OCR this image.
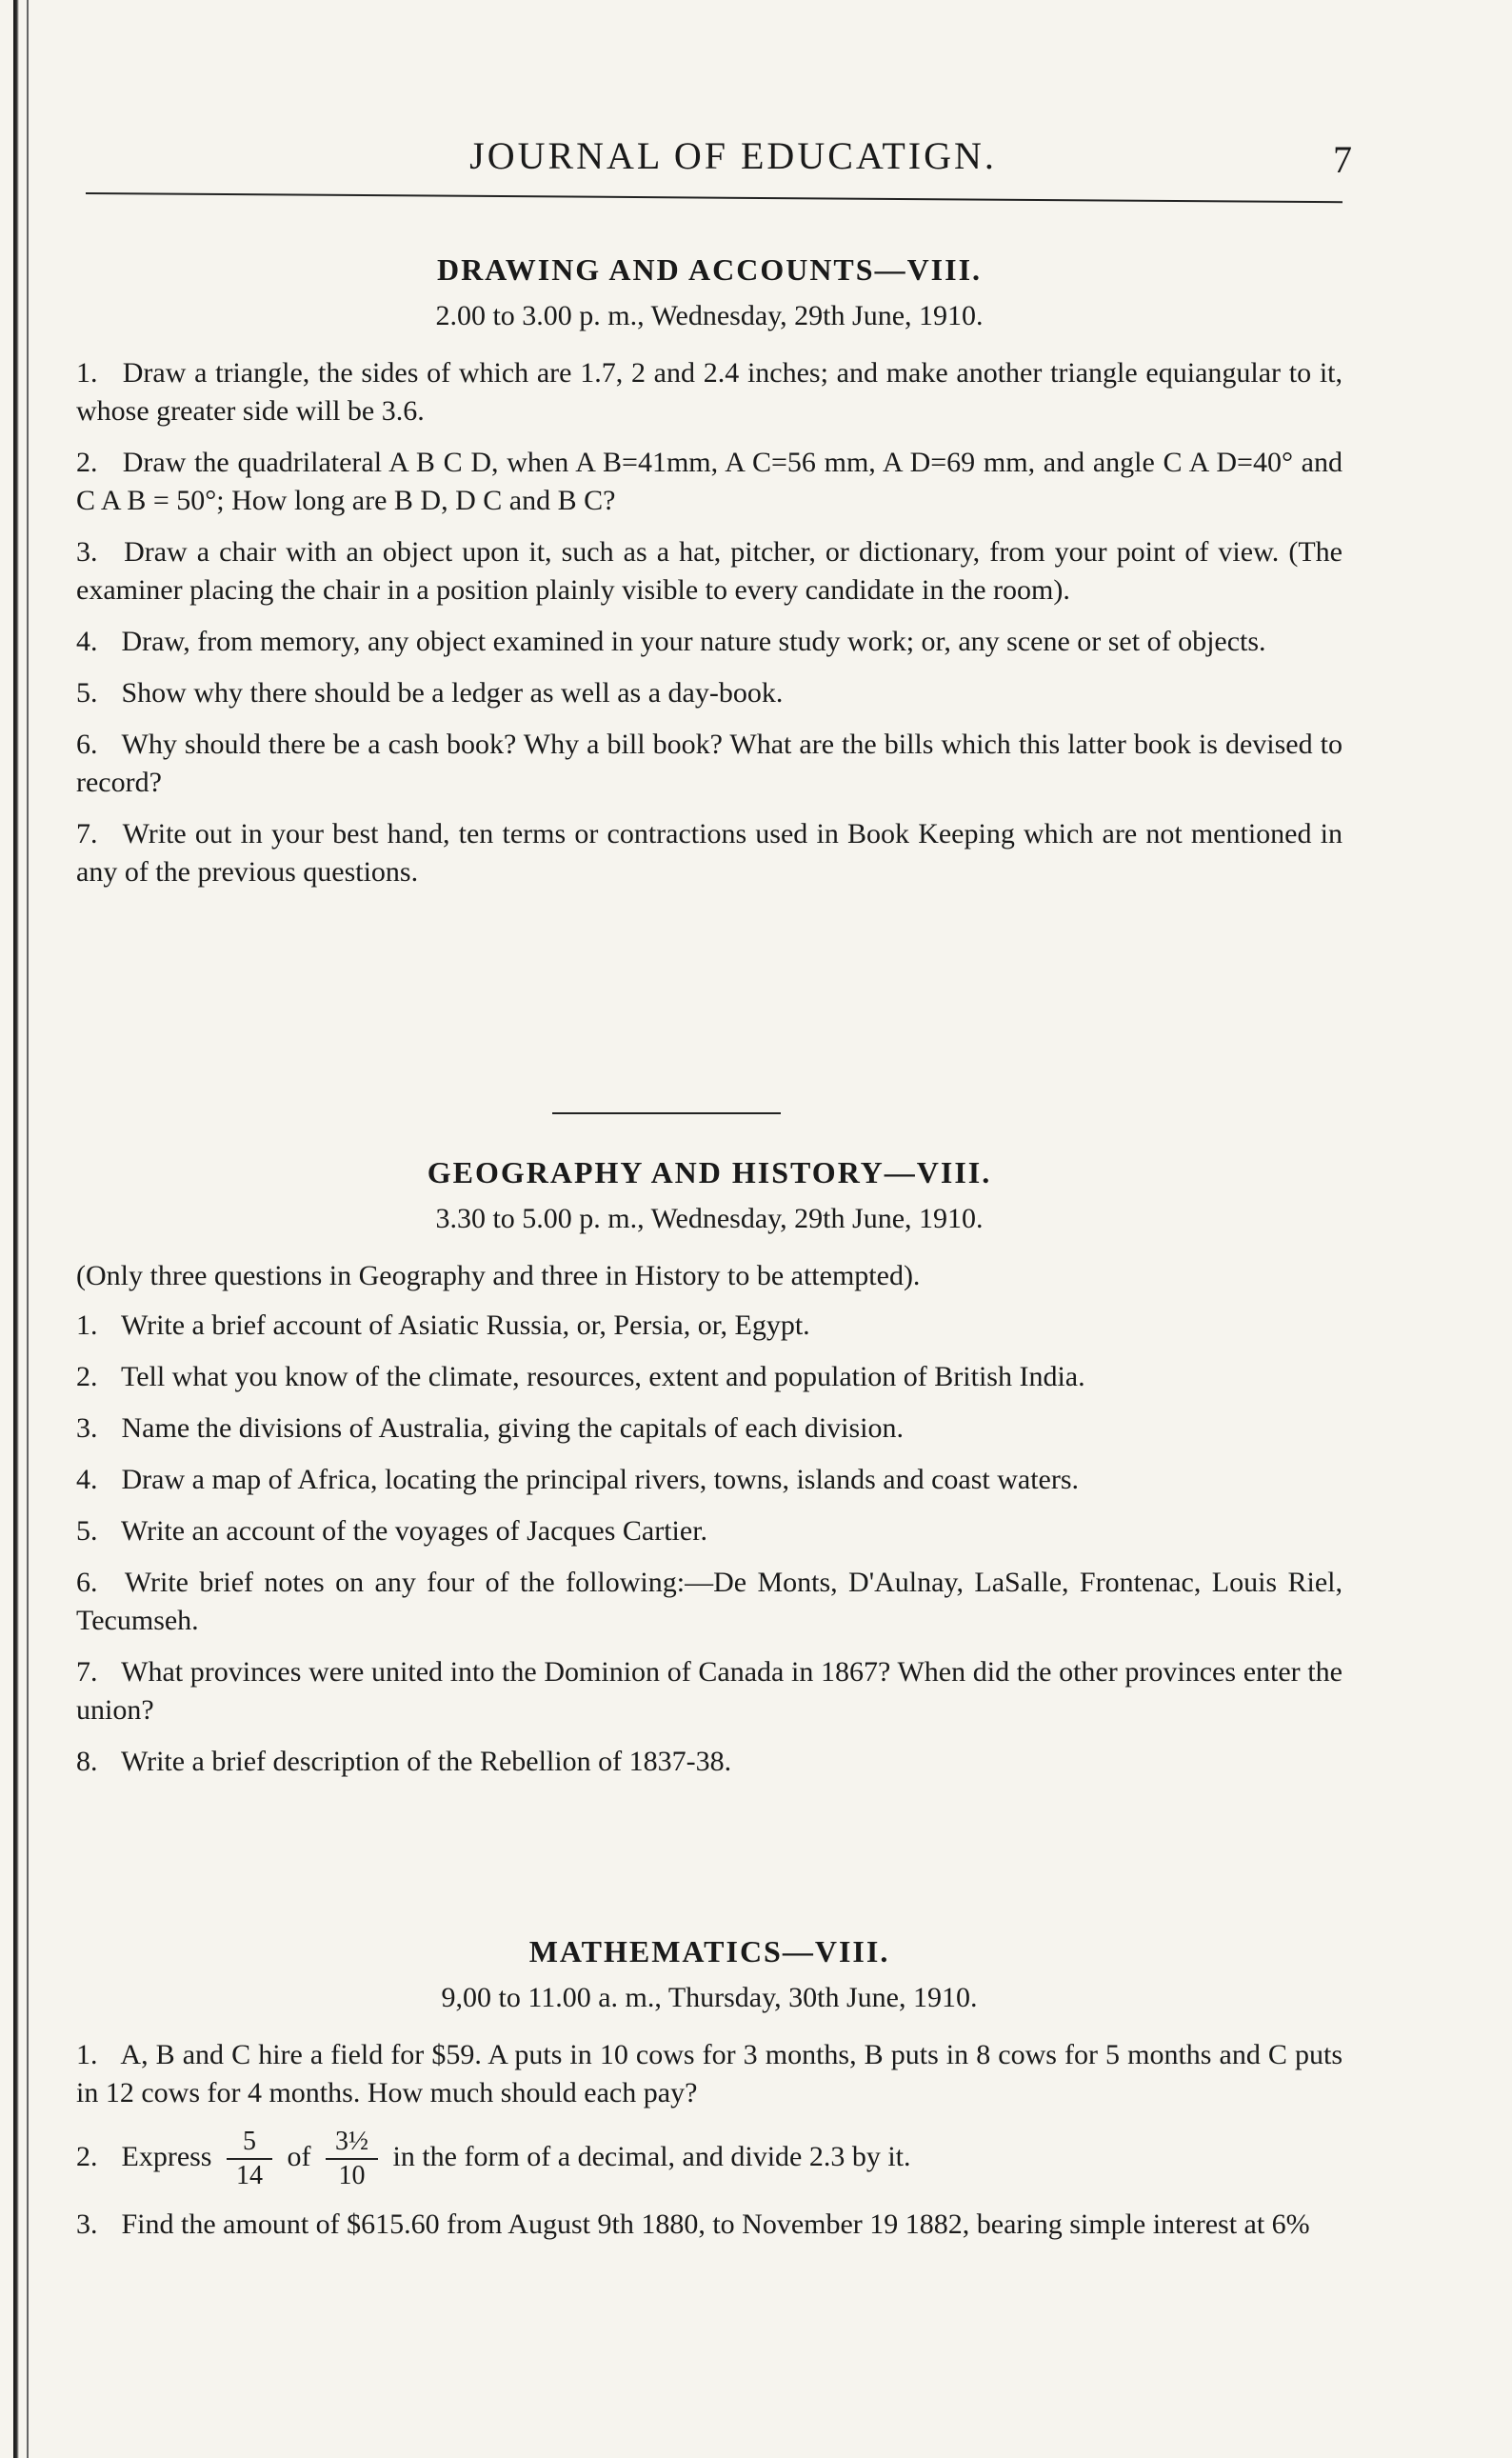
JOURNAL OF EDUCATIGN.	7
DRAWING AND ACCOUNTS—VIII.
2.00 to 3.00 p. m., Wednesday, 29th June, 1910.

1. Draw a triangle, the sides of which are 1.7, 2 and 2.4 inches; and make another triangle equiangular to it, whose greater side will be 3.6.

2. Draw the quadrilateral A B C D, when A B=41mm, A C=56 mm, A D=69 mm, and angle C A D=40° and C A B = 50°; How long are B D, D C and B C?

3. Draw a chair with an object upon it, such as a hat, pitcher, or dictionary, from your point of view. (The examiner placing the chair in a position plainly visible to every candidate in the room).

4. Draw, from memory, any object examined in your nature study work; or, any scene or set of objects.

5. Show why there should be a ledger as well as a day-book.

6. Why should there be a cash book? Why a bill book? What are the bills which this latter book is devised to record?

7. Write out in your best hand, ten terms or contractions used in Book Keeping which are not mentioned in any of the previous questions.

GEOGRAPHY AND HISTORY—VIII.
3.30 to 5.00 p. m., Wednesday, 29th June, 1910.

(Only three questions in Geography and three in History to be attempted).

1. Write a brief account of Asiatic Russia, or, Persia, or, Egypt.

2. Tell what you know of the climate, resources, extent and population of British India.

3. Name the divisions of Australia, giving the capitals of each division.

4. Draw a map of Africa, locating the principal rivers, towns, islands and coast waters.

5. Write an account of the voyages of Jacques Cartier.

6. Write brief notes on any four of the following:—De Monts, D'Aulnay, LaSalle, Frontenac, Louis Riel, Tecumseh.

7. What provinces were united into the Dominion of Canada in 1867? When did the other provinces enter the union?

8. Write a brief description of the Rebellion of 1837-38.

MATHEMATICS—VIII.
9,00 to 11.00 a. m., Thursday, 30th June, 1910.

1. A, B and C hire a field for $59. A puts in 10 cows for 3 months, B puts in 8 cows for 5 months and C puts in 12 cows for 4 months. How much should each pay?

2. Express $\frac{5}{14}$ of $\frac{\text{3½}}{10}$ in the form of a decimal, and divide 2.3 by it.

3. Find the amount of $615.60 from August 9th 1880, to November 19 1882, bearing simple interest at 6%
